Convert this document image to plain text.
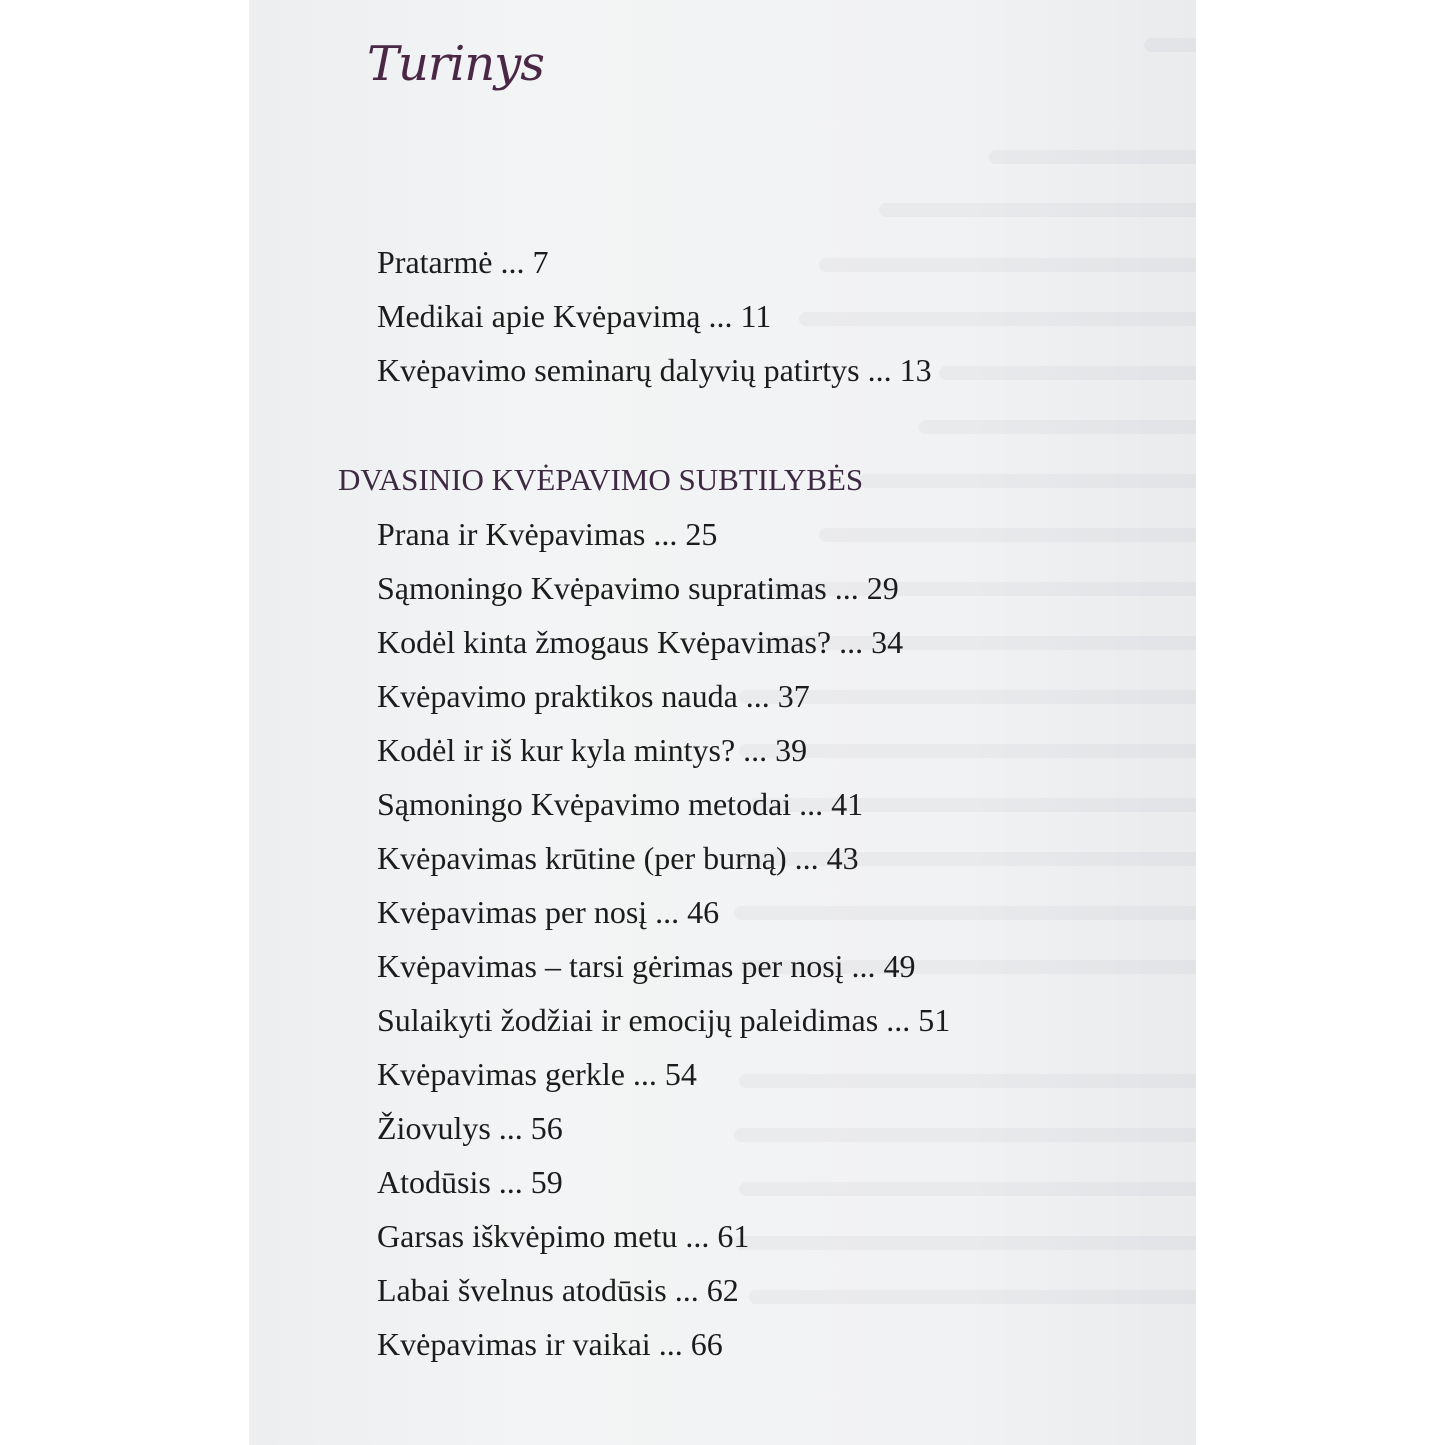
Turinys
Pratarmė ... 7
Medikai apie Kvėpavimą ... 11
Kvėpavimo seminarų dalyvių patirtys ... 13
DVASINIO KVĖPAVIMO SUBTILYBĖS
Prana ir Kvėpavimas ... 25
Sąmoningo Kvėpavimo supratimas ... 29
Kodėl kinta žmogaus Kvėpavimas? ... 34
Kvėpavimo praktikos nauda ... 37
Kodėl ir iš kur kyla mintys? ... 39
Sąmoningo Kvėpavimo metodai ... 41
Kvėpavimas krūtine (per burną) ... 43
Kvėpavimas per nosį ... 46
Kvėpavimas – tarsi gėrimas per nosį ... 49
Sulaikyti žodžiai ir emocijų paleidimas ... 51
Kvėpavimas gerkle ... 54
Žiovulys ... 56
Atodūsis ... 59
Garsas iškvėpimo metu ... 61
Labai švelnus atodūsis ... 62
Kvėpavimas ir vaikai ... 66
